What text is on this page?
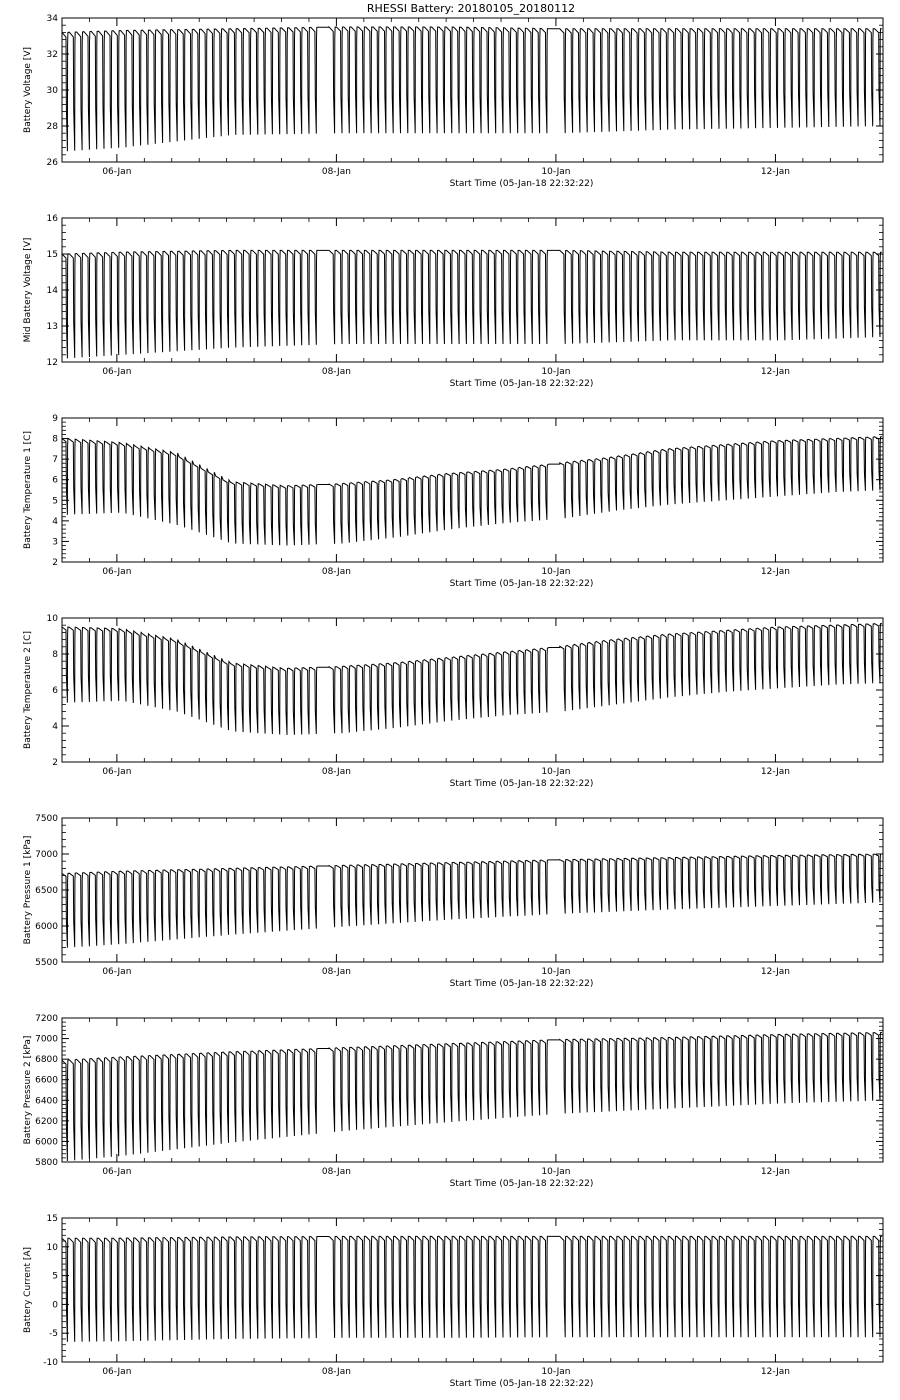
RHESSI Battery: 20180105_20180112
26
28
30
32
34
06-Jan	08-Jan	10-Jan	12-Jan
Start Time (05-Jan-18 22:32:22)
Battery Voltage [V]
12
13
14
15
16
06-Jan	08-Jan	10-Jan	12-Jan
Start Time (05-Jan-18 22:32:22)
Mid Battery Voltage [V]
2
3
4
5
6
7
8
9
06-Jan	08-Jan	10-Jan	12-Jan
Start Time (05-Jan-18 22:32:22)
Battery Temperature 1 [C]
2
4
6
8
10
06-Jan	08-Jan	10-Jan	12-Jan
Start Time (05-Jan-18 22:32:22)
Battery Temperature 2 [C]
5500
6000
6500
7000
7500
06-Jan	08-Jan	10-Jan	12-Jan
Start Time (05-Jan-18 22:32:22)
Battery Pressure 1 [kPa]
5800
6000
6200
6400
6600
6800
7000
7200
06-Jan	08-Jan	10-Jan	12-Jan
Start Time (05-Jan-18 22:32:22)
Battery Pressure 2 [kPa]
-10
-5
0
5
10
15
06-Jan	08-Jan	10-Jan	12-Jan
Start Time (05-Jan-18 22:32:22)
Battery Current [A]
